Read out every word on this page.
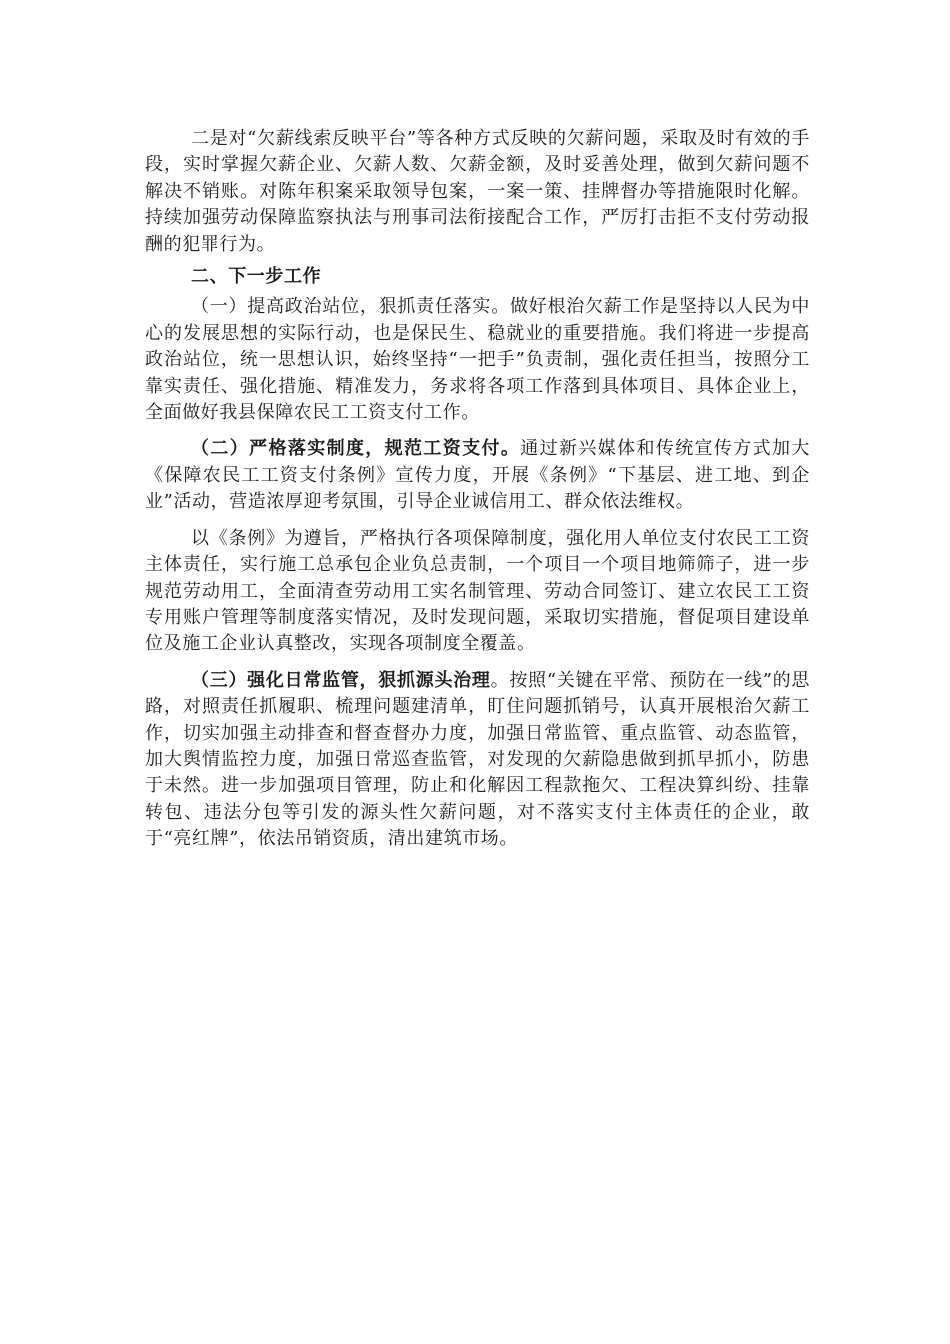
二是对“欠薪线索反映平台”等各种方式反映的欠薪问题，采取及时有效的手段，实时掌握欠薪企业、欠薪人数、欠薪金额，及时妥善处理，做到欠薪问题不解决不销账。对陈年积案采取领导包案，一案一策、挂牌督办等措施限时化解。持续加强劳动保障监察执法与刑事司法衔接配合工作，严厉打击拒不支付劳动报酬的犯罪行为。

二、下一步工作

（一）提高政治站位，狠抓责任落实。做好根治欠薪工作是坚持以人民为中心的发展思想的实际行动，也是保民生、稳就业的重要措施。我们将进一步提高政治站位，统一思想认识，始终坚持“一把手”负责制，强化责任担当，按照分工靠实责任、强化措施、精准发力，务求将各项工作落到具体项目、具体企业上，全面做好我县保障农民工工资支付工作。

（二）严格落实制度，规范工资支付。通过新兴媒体和传统宣传方式加大《保障农民工工资支付条例》宣传力度，开展《条例》“下基层、进工地、到企业”活动，营造浓厚迎考氛围，引导企业诚信用工、群众依法维权。

以《条例》为遵旨，严格执行各项保障制度，强化用人单位支付农民工工资主体责任，实行施工总承包企业负总责制，一个项目一个项目地筛筛子，进一步规范劳动用工，全面清查劳动用工实名制管理、劳动合同签订、建立农民工工资专用账户管理等制度落实情况，及时发现问题，采取切实措施，督促项目建设单位及施工企业认真整改，实现各项制度全覆盖。

（三）强化日常监管，狠抓源头治理。按照“关键在平常、预防在一线”的思路，对照责任抓履职、梳理问题建清单，盯住问题抓销号，认真开展根治欠薪工作，切实加强主动排查和督查督办力度，加强日常监管、重点监管、动态监管，加大舆情监控力度，加强日常巡查监管，对发现的欠薪隐患做到抓早抓小，防患于未然。进一步加强项目管理，防止和化解因工程款拖欠、工程决算纠纷、挂靠转包、违法分包等引发的源头性欠薪问题，对不落实支付主体责任的企业，敢于“亮红牌”，依法吊销资质，清出建筑市场。
